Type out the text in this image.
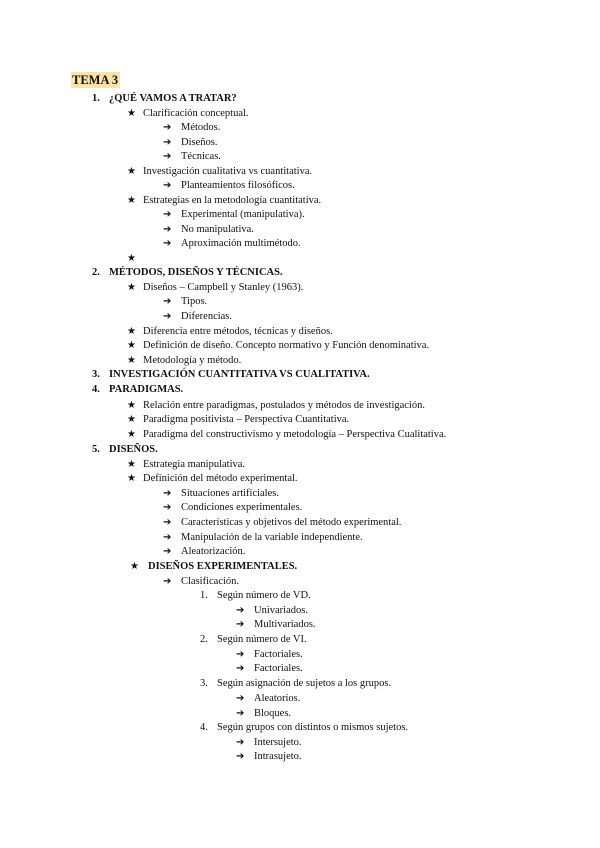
TEMA 3
1. ¿QUÉ VAMOS A TRATAR?
★ Clarificación conceptual.
➔ Métodos.
➔ Diseños.
➔ Técnicas.
★ Investigación cualitativa vs cuantitativa.
➔ Planteamientos filosóficos.
★ Estrategias en la metodología cuantitativa.
➔ Experimental (manipulativa).
➔ No manipulativa.
➔ Aproximación multimétodo.
★
2. MÉTODOS, DISEÑOS Y TÉCNICAS.
★ Diseños – Campbell y Stanley (1963).
➔ Tipos.
➔ Diferencias.
★ Diferencia entre métodos, técnicas y diseños.
★ Definición de diseño. Concepto normativo y Función denominativa.
★ Metodología y método.
3. INVESTIGACIÓN CUANTITATIVA VS CUALITATIVA.
4. PARADIGMAS.
★ Relación entre paradigmas, postulados y métodos de investigación.
★ Paradigma positivista – Perspectiva Cuantitativa.
★ Paradigma del constructivismo y metodología – Perspectiva Cualitativa.
5. DISEÑOS.
★ Estrategia manipulativa.
★ Definición del método experimental.
➔ Situaciones artificiales.
➔ Condiciones experimentales.
➔ Características y objetivos del método experimental.
➔ Manipulación de la variable independiente.
➔ Aleatorización.
★ DISEÑOS EXPERIMENTALES.
➔ Clasificación.
1. Según número de VD.
➔ Univariados.
➔ Multivariados.
2. Según número de VI.
➔ Factoriales.
➔ Factoriales.
3. Según asignación de sujetos a los grupos.
➔ Aleatorios.
➔ Bloques.
4. Según grupos con distintos o mismos sujetos.
➔ Intersujeto.
➔ Intrasujeto.
